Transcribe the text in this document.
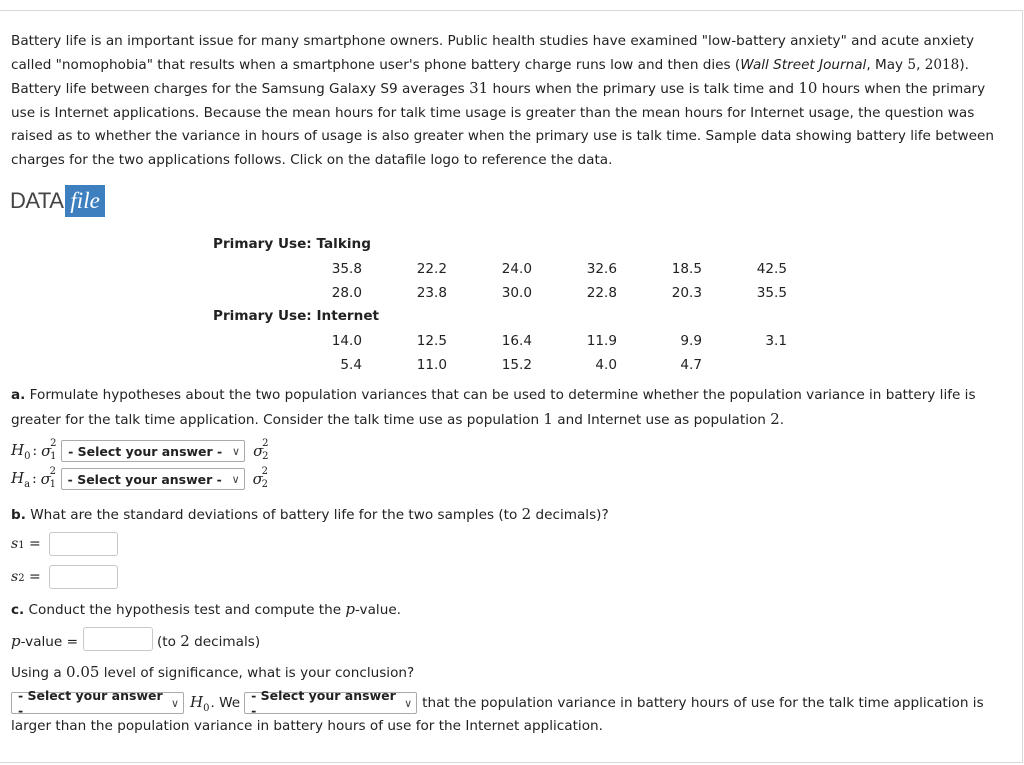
Battery life is an important issue for many smartphone owners. Public health studies have examined "low-battery anxiety" and acute anxiety called "nomophobia" that results when a smartphone user's phone battery charge runs low and then dies (Wall Street Journal, May 5, 2018). Battery life between charges for the Samsung Galaxy S9 averages 31 hours when the primary use is talk time and 10 hours when the primary use is Internet applications. Because the mean hours for talk time usage is greater than the mean hours for Internet usage, the question was raised as to whether the variance in hours of usage is also greater when the primary use is talk time. Sample data showing battery life between charges for the two applications follows. Click on the datafile logo to reference the data.

DATA file
Primary Use: Talking
35.8	22.2	24.0	32.6	18.5	42.5
28.0	23.8	30.0	22.8	20.3	35.5
Primary Use: Internet
14.0	12.5	16.4	11.9	9.9	3.1
5.4	11.0	15.2	4.0	4.7
a. Formulate hypotheses about the two population variances that can be used to determine whether the population variance in battery life is greater for the talk time application. Consider the talk time use as population 1 and Internet use as population 2.
$H_0$ : σ
2
1 - Select your answer - ∨ σ
2
2
$H_a$ : σ
2
1 - Select your answer - ∨ σ
2
2
b. What are the standard deviations of battery life for the two samples (to 2 decimals)?
s1 =
s2 =
c. Conduct the hypothesis test and compute the p-value.
p-value =	(to 2 decimals)
Using a 0.05 level of significance, what is your conclusion?
- Select your answer -	∨ $H_0$ . We - Select your answer -	∨ that the population variance in battery hours of use for the talk time application is
larger than the population variance in battery hours of use for the Internet application.
